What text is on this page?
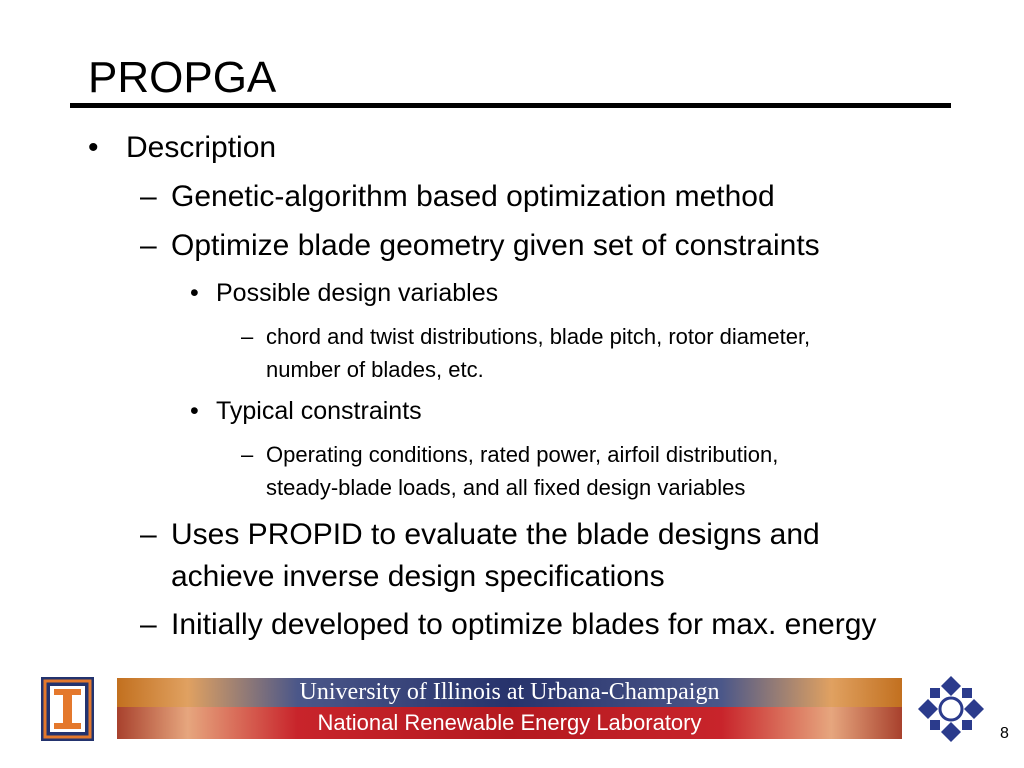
PROPGA
• Description
– Genetic-algorithm based optimization method
– Optimize blade geometry given set of constraints
• Possible design variables
– chord and twist distributions, blade pitch, rotor diameter,
number of blades, etc.
• Typical constraints
– Operating conditions, rated power, airfoil distribution,
steady-blade loads, and all fixed design variables
– Uses PROPID to evaluate the blade designs and
achieve inverse design specifications
– Initially developed to optimize blades for max. energy
University of Illinois at Urbana-Champaign
National Renewable Energy Laboratory	8
